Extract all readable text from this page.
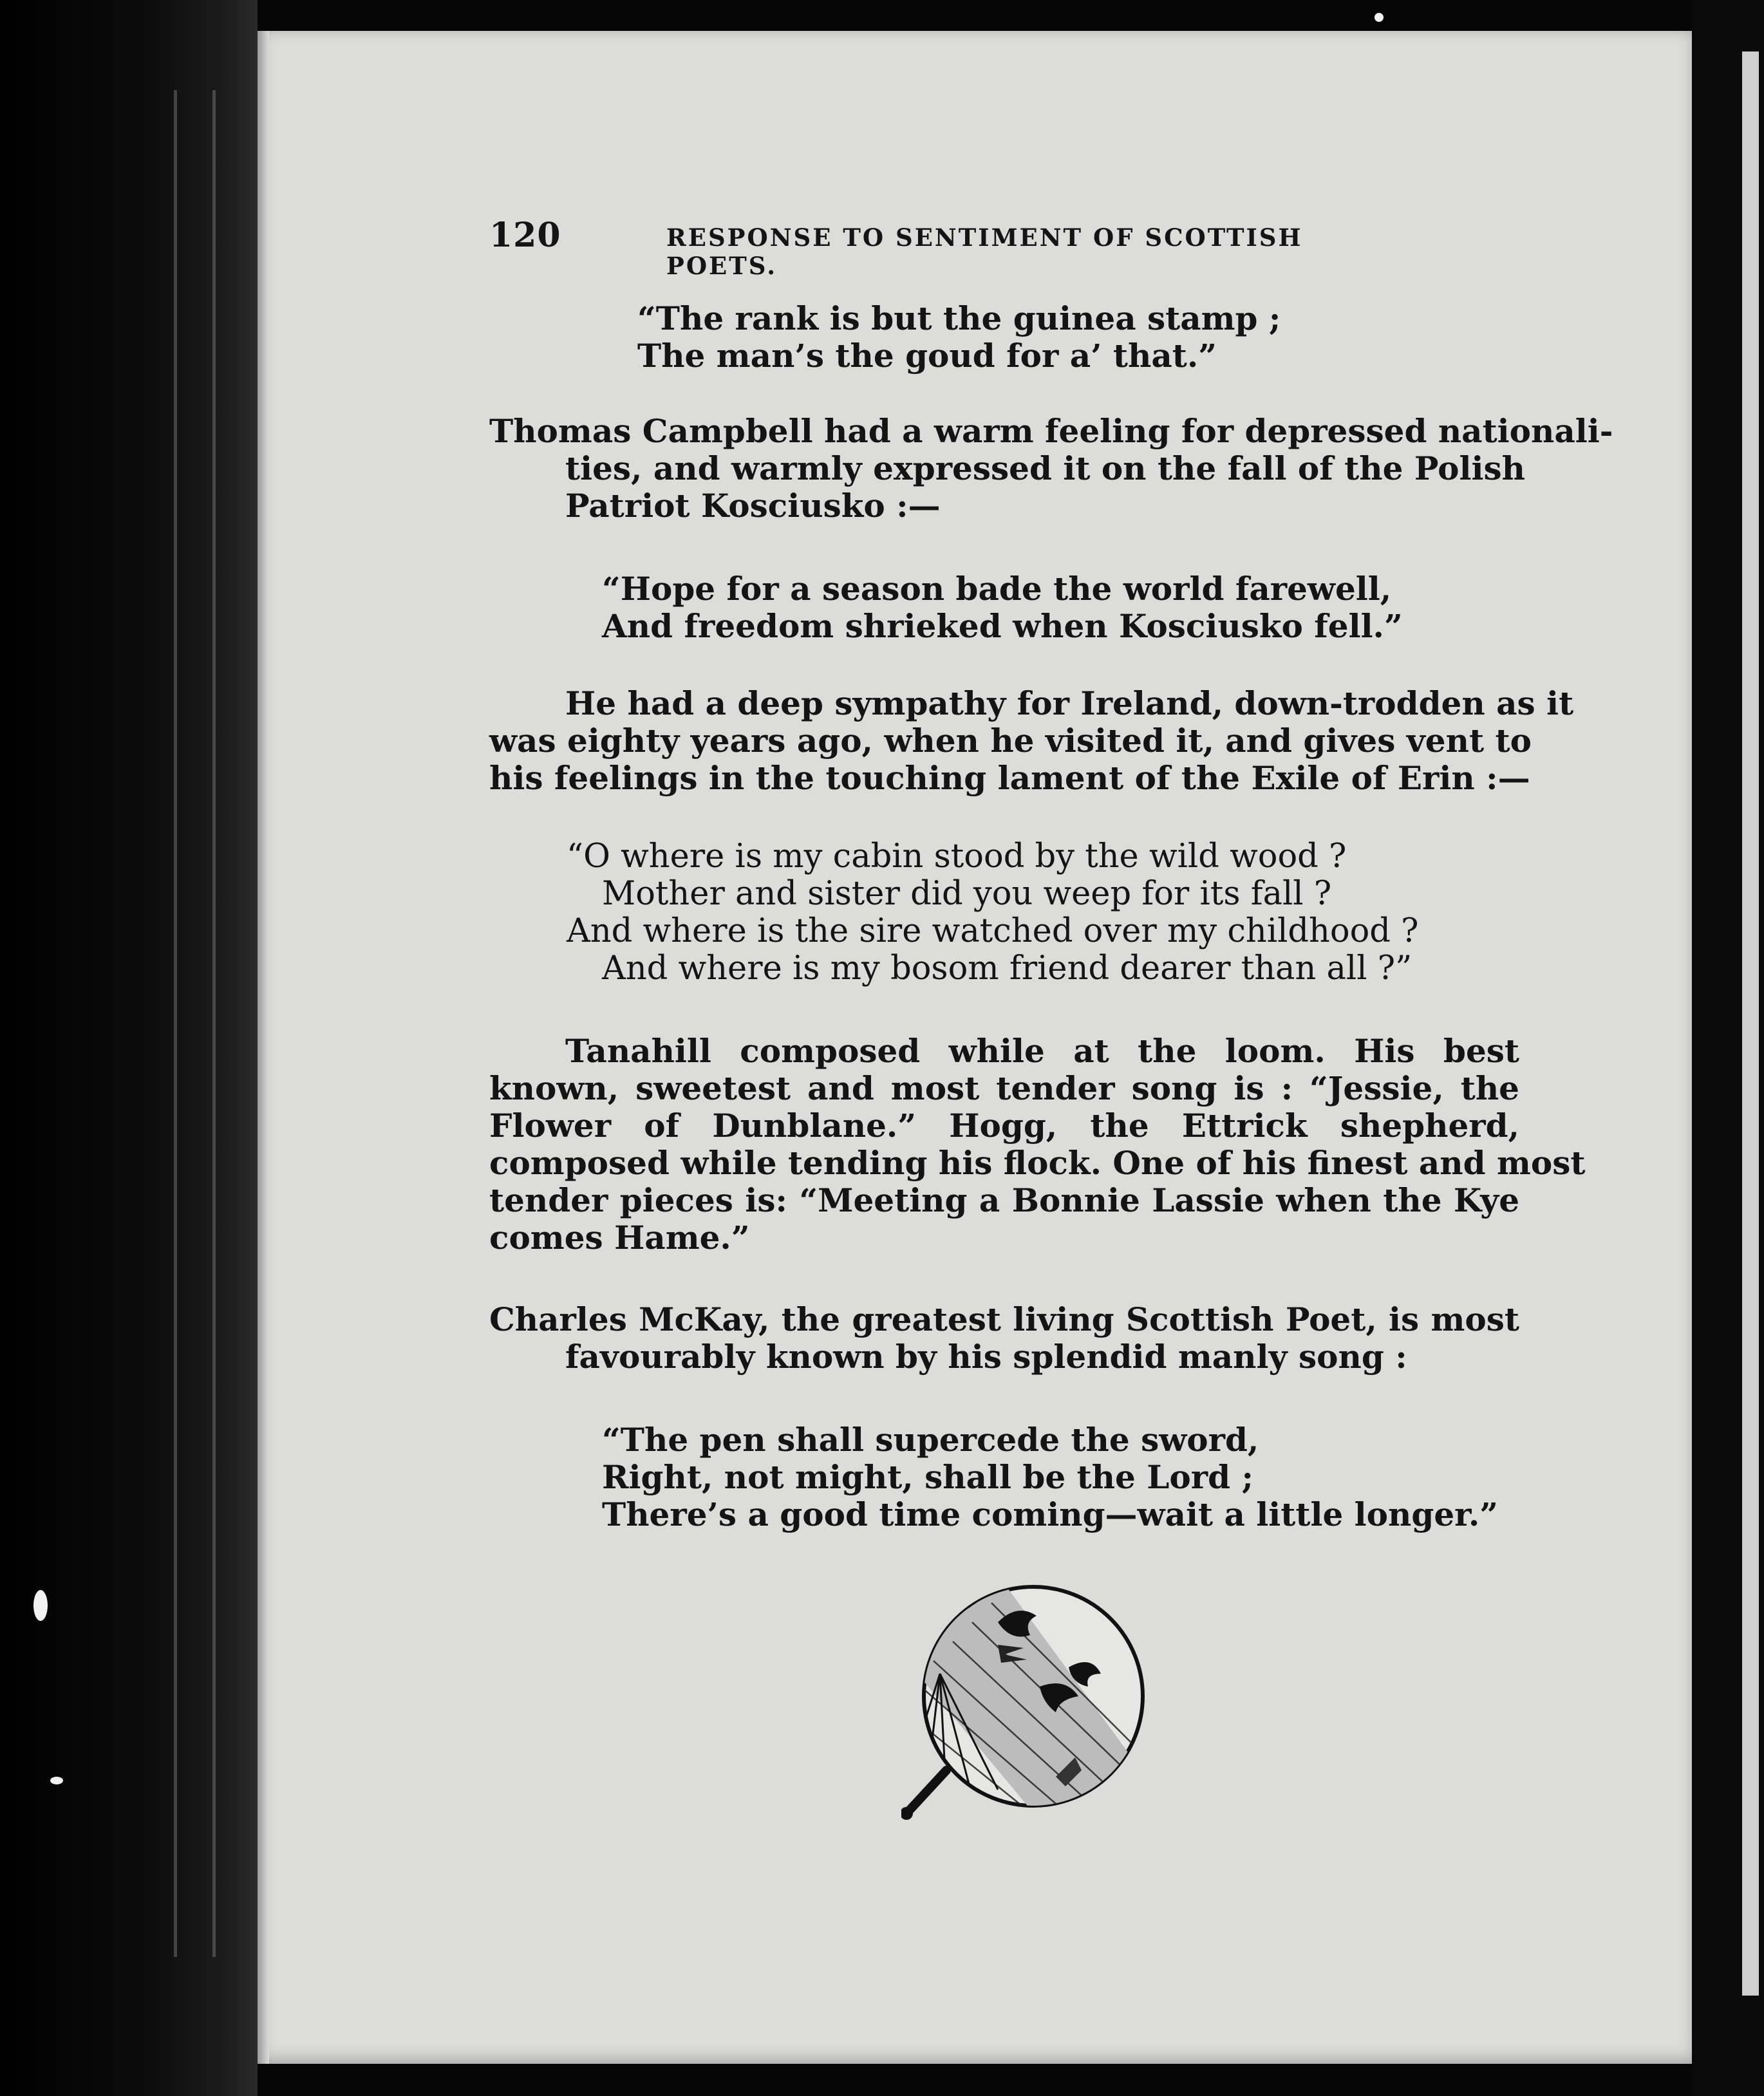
120	RESPONSE TO SENTIMENT OF SCOTTISH POETS.
“The rank is but the guinea stamp ;
The man’s the goud for a’ that.”
Thomas Campbell had a warm feeling for depressed nationali-
ties, and warmly expressed it on the fall of the Polish
Patriot Kosciusko :—
“Hope for a season bade the world farewell,
And freedom shrieked when Kosciusko fell.”
He had a deep sympathy for Ireland, down-trodden as it
was eighty years ago, when he visited it, and gives vent to
his feelings in the touching lament of the Exile of Erin :—
“O where is my cabin stood by the wild wood ?
Mother and sister did you weep for its fall ?
And where is the sire watched over my childhood ?
And where is my bosom friend dearer than all ?”
Tanahill composed while at the loom. His best
known, sweetest and most tender song is : “Jessie, the
Flower of Dunblane.” Hogg, the Ettrick shepherd,
composed while tending his flock. One of his finest and most
tender pieces is: “Meeting a Bonnie Lassie when the Kye
comes Hame.”
Charles McKay, the greatest living Scottish Poet, is most
favourably known by his splendid manly song :
“The pen shall supercede the sword,
Right, not might, shall be the Lord ;
There’s a good time coming—wait a little longer.”
